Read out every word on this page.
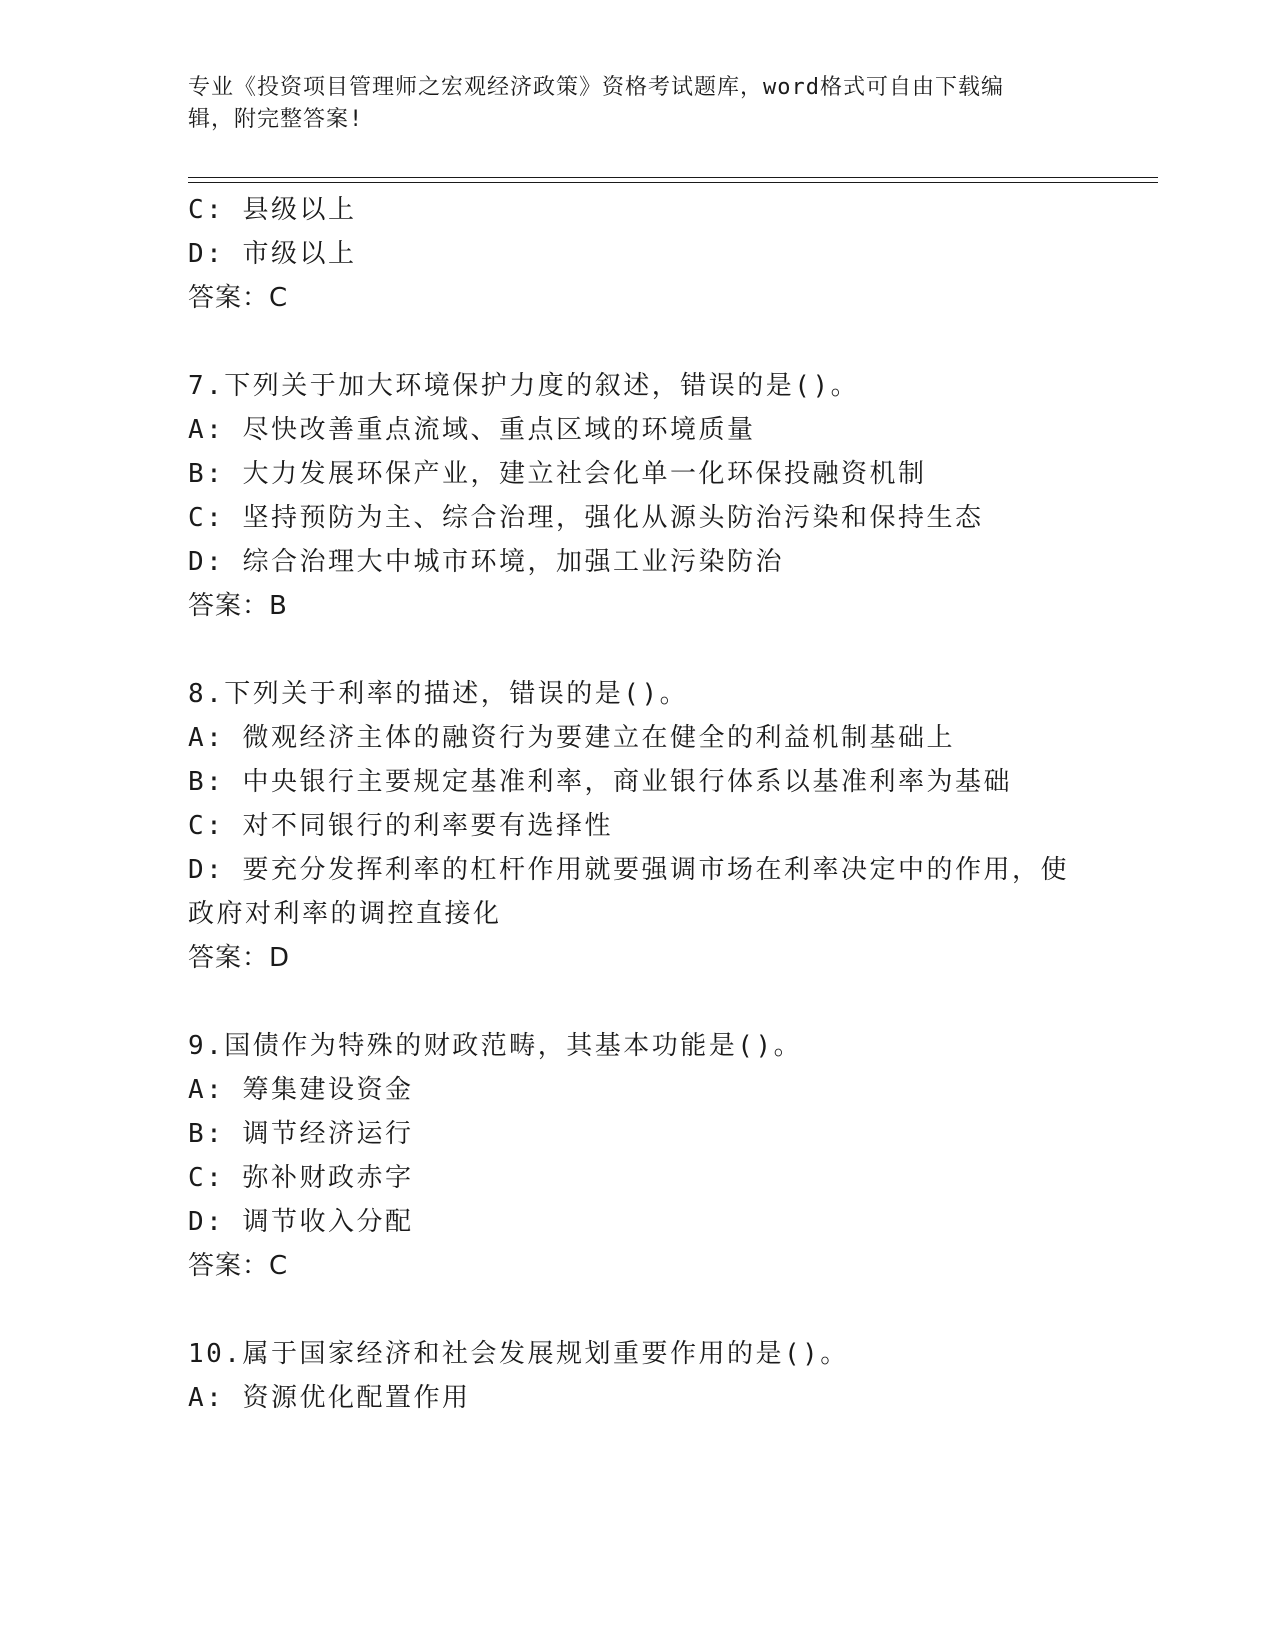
专业《投资项目管理师之宏观经济政策》资格考试题库，word格式可自由下载编
辑，附完整答案!
C: 县级以上
D: 市级以上
答案：C
7.下列关于加大环境保护力度的叙述，错误的是()。
A: 尽快改善重点流域、重点区域的环境质量
B: 大力发展环保产业，建立社会化单一化环保投融资机制
C: 坚持预防为主、综合治理，强化从源头防治污染和保持生态
D: 综合治理大中城市环境，加强工业污染防治
答案：B
8.下列关于利率的描述，错误的是()。
A: 微观经济主体的融资行为要建立在健全的利益机制基础上
B: 中央银行主要规定基准利率，商业银行体系以基准利率为基础
C: 对不同银行的利率要有选择性
D: 要充分发挥利率的杠杆作用就要强调市场在利率决定中的作用，使
政府对利率的调控直接化
答案：D
9.国债作为特殊的财政范畴，其基本功能是()。
A: 筹集建设资金
B: 调节经济运行
C: 弥补财政赤字
D: 调节收入分配
答案：C
10.属于国家经济和社会发展规划重要作用的是()。
A: 资源优化配置作用
